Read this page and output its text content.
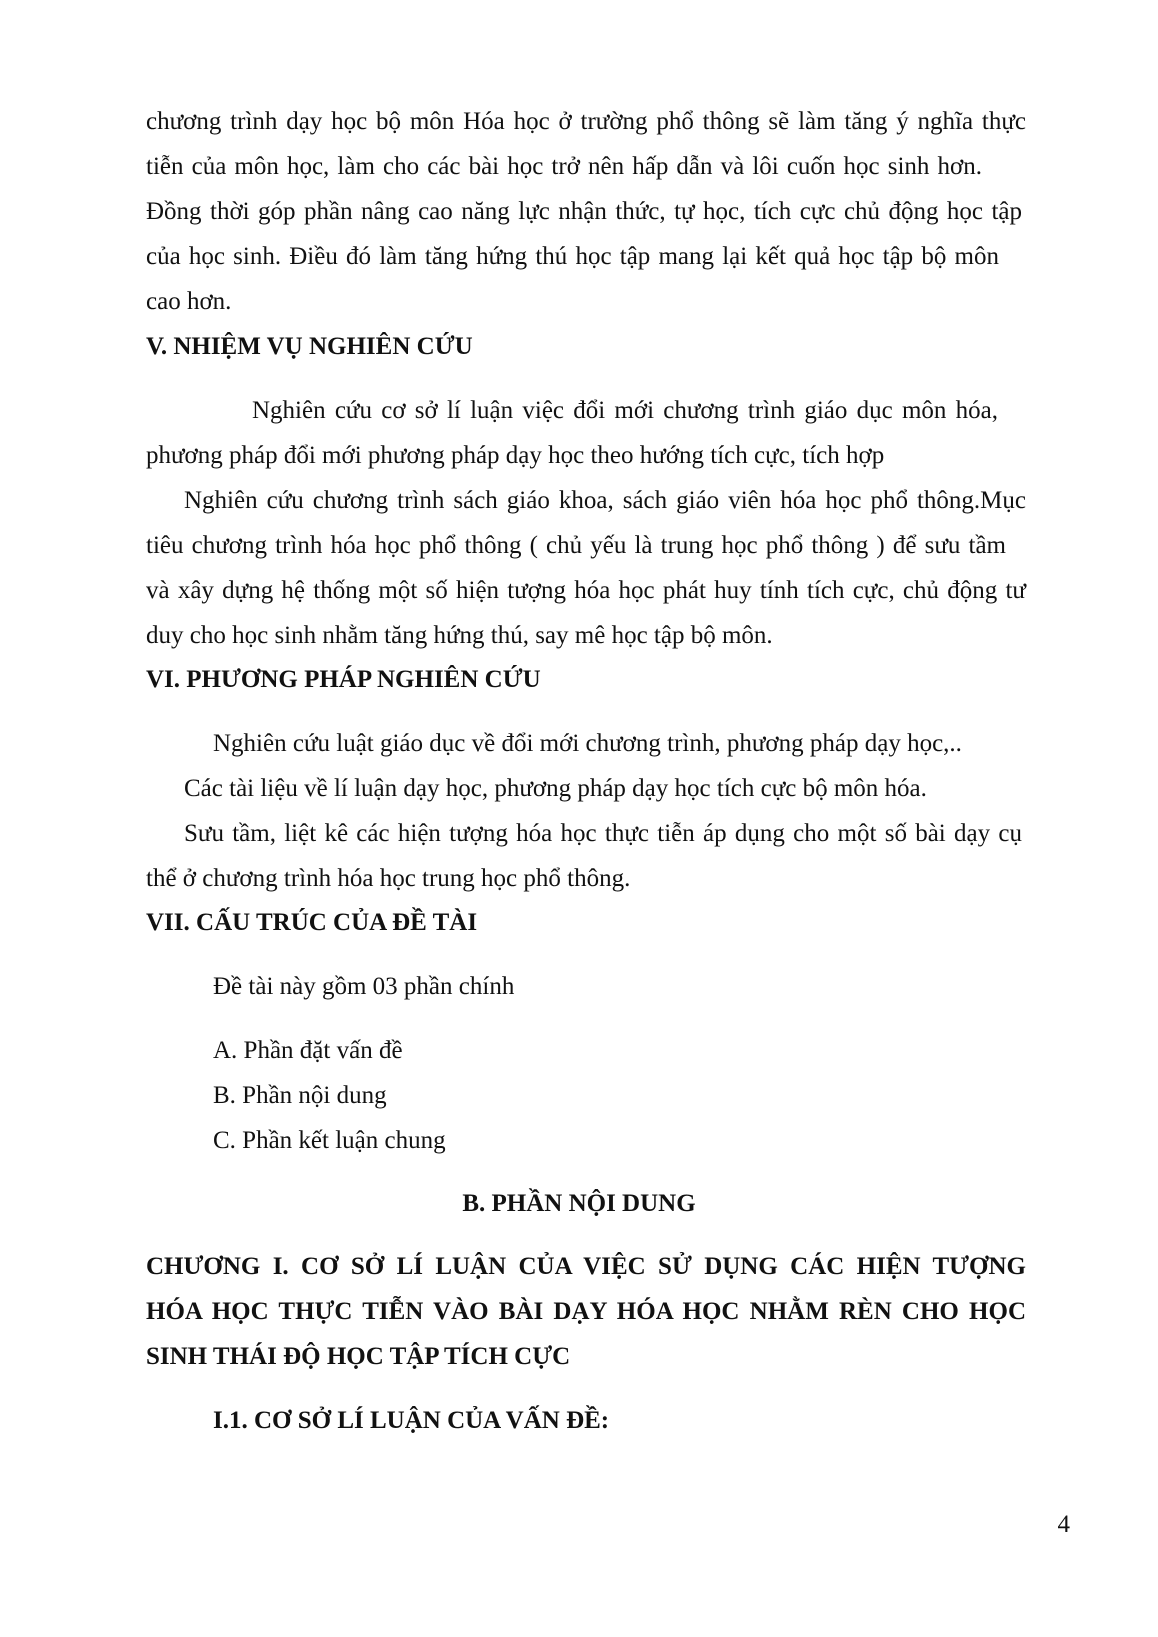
chương trình dạy học bộ môn Hóa học ở trường phổ thông sẽ làm tăng ý nghĩa thực
tiễn của môn học, làm cho các bài học trở nên hấp dẫn và lôi cuốn học sinh hơn.
Đồng thời góp phần nâng cao năng lực nhận thức, tự học, tích cực chủ động học tập
của học sinh. Điều đó làm tăng hứng thú học tập mang lại kết quả học tập bộ môn
cao hơn.
V. NHIỆM VỤ NGHIÊN CỨU
Nghiên cứu cơ sở lí luận việc đổi mới chương trình giáo dục môn hóa,
phương pháp đổi mới phương pháp dạy học theo hướng tích cực, tích hợp
Nghiên cứu chương trình sách giáo khoa, sách giáo viên hóa học phổ thông.Mục
tiêu chương trình hóa học phổ thông ( chủ yếu là trung học phổ thông ) để sưu tầm
và xây dựng hệ thống một số hiện tượng hóa học phát huy tính tích cực, chủ động tư
duy cho học sinh nhằm tăng hứng thú, say mê học tập bộ môn.
VI. PHƯƠNG PHÁP NGHIÊN CỨU
Nghiên cứu luật giáo dục về đổi mới chương trình, phương pháp dạy học,..
Các tài liệu về lí luận dạy học, phương pháp dạy học tích cực bộ môn hóa.
Sưu tầm, liệt kê các hiện tượng hóa học thực tiễn áp dụng cho một số bài dạy cụ
thể ở chương trình hóa học trung học phổ thông.
VII. CẤU TRÚC CỦA ĐỀ TÀI
Đề tài này gồm 03 phần chính
A. Phần đặt vấn đề
B. Phần nội dung
C. Phần kết luận chung
B. PHẦN NỘI DUNG
CHƯƠNG I. CƠ SỞ LÍ LUẬN CỦA VIỆC SỬ DỤNG CÁC HIỆN TƯỢNG
HÓA HỌC THỰC TIỄN VÀO BÀI DẠY HÓA HỌC NHẰM RÈN CHO HỌC
SINH THÁI ĐỘ HỌC TẬP TÍCH CỰC
I.1. CƠ SỞ LÍ LUẬN CỦA VẤN ĐỀ:
4
